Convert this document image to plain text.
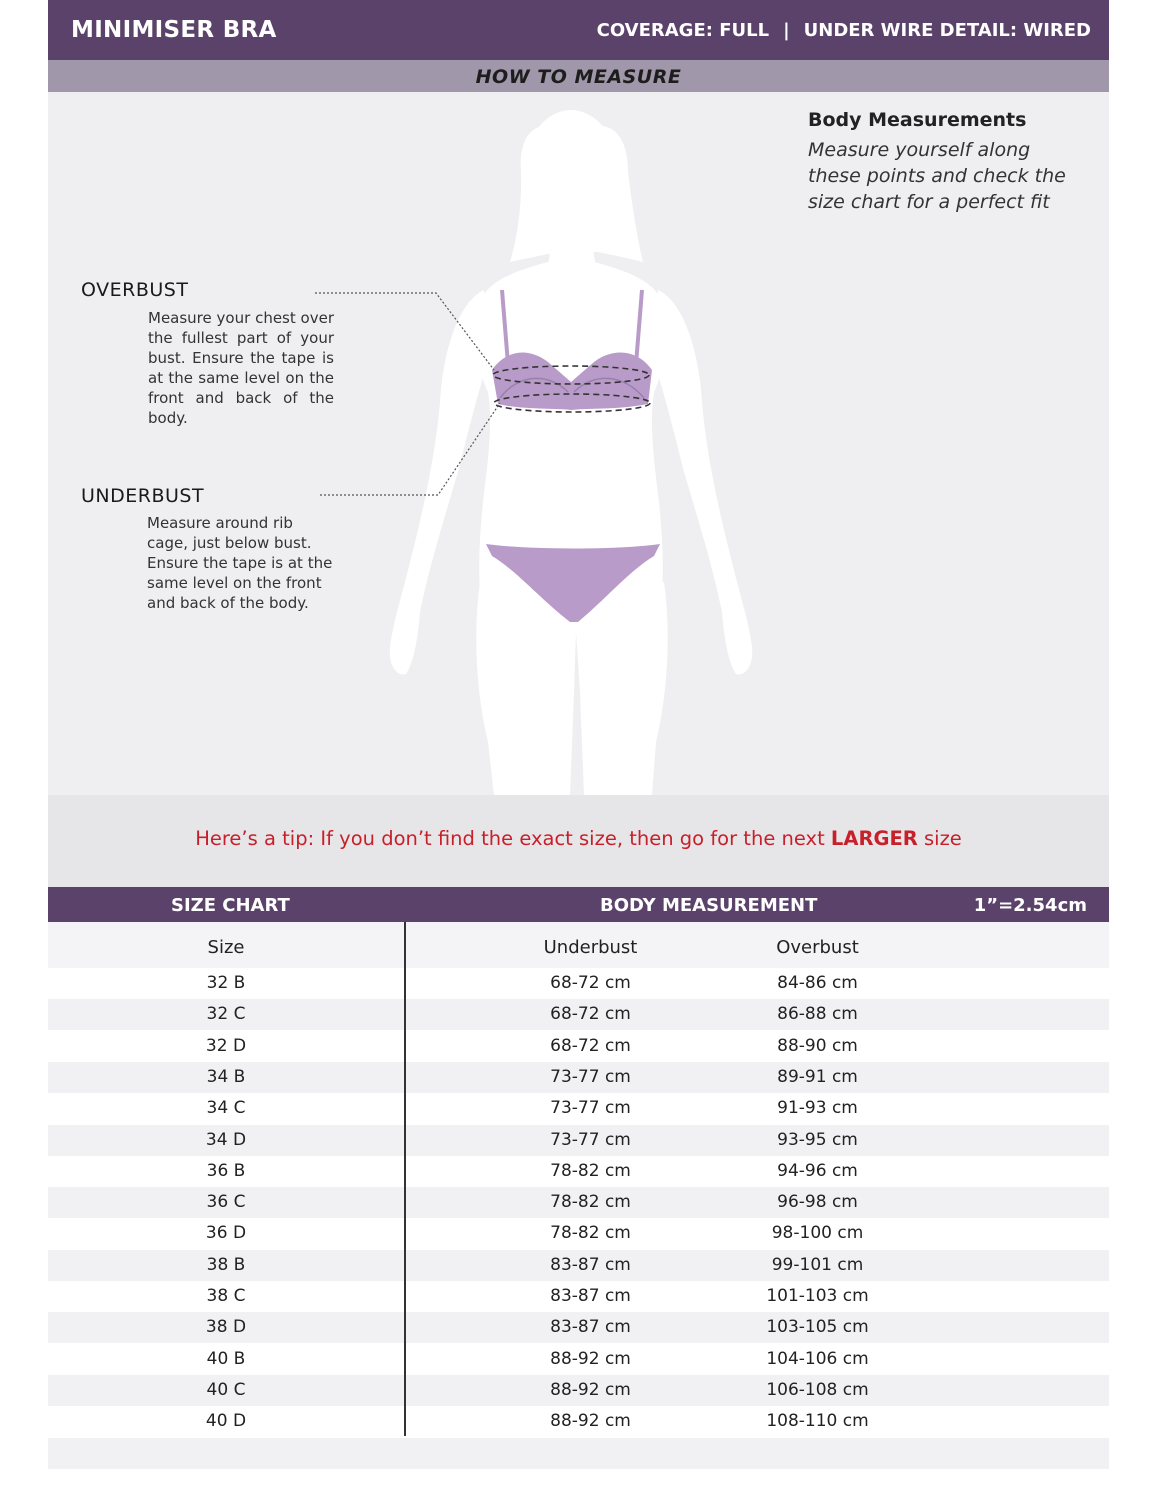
MINIMISER BRA	COVERAGE: FULL | UNDER WIRE DETAIL: WIRED
HOW TO MEASURE
Body Measurements
Measure yourself along these points and check the size chart for a perfect fit
OVERBUST
Measure your chest over the fullest part of your bust. Ensure the tape is at the same level on the front and back of the body.
UNDERBUST
Measure around rib cage, just below bust. Ensure the tape is at the same level on the front and back of the body.
Here’s a tip: If you don’t find the exact size, then go for the next LARGER size
SIZE CHART	BODY MEASUREMENT	1”=2.54cm
Size	Underbust	Overbust
32 B	68-72 cm	84-86 cm
32 C	68-72 cm	86-88 cm
32 D	68-72 cm	88-90 cm
34 B	73-77 cm	89-91 cm
34 C	73-77 cm	91-93 cm
34 D	73-77 cm	93-95 cm
36 B	78-82 cm	94-96 cm
36 C	78-82 cm	96-98 cm
36 D	78-82 cm	98-100 cm
38 B	83-87 cm	99-101 cm
38 C	83-87 cm	101-103 cm
38 D	83-87 cm	103-105 cm
40 B	88-92 cm	104-106 cm
40 C	88-92 cm	106-108 cm
40 D	88-92 cm	108-110 cm
